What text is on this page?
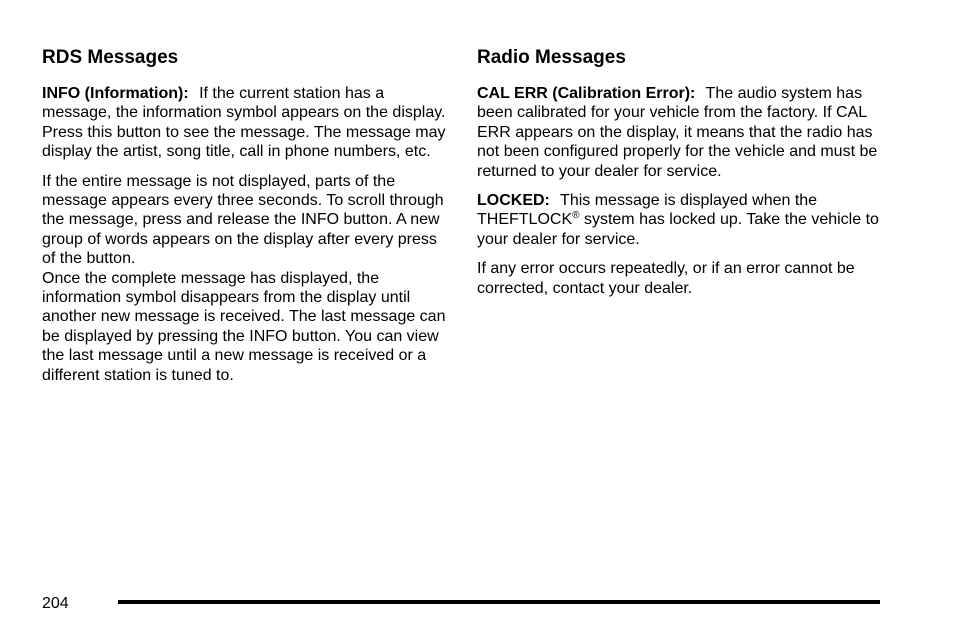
RDS Messages

INFO (Information): If the current station has a message, the information symbol appears on the display. Press this button to see the message. The message may display the artist, song title, call in phone numbers, etc.

If the entire message is not displayed, parts of the message appears every three seconds. To scroll through the message, press and release the INFO button. A new group of words appears on the display after every press of the button.

Once the complete message has displayed, the information symbol disappears from the display until another new message is received. The last message can be displayed by pressing the INFO button. You can view the last message until a new message is received or a different station is tuned to.

Radio Messages

CAL ERR (Calibration Error): The audio system has been calibrated for your vehicle from the factory. If CAL ERR appears on the display, it means that the radio has not been configured properly for the vehicle and must be returned to your dealer for service.

LOCKED: This message is displayed when the THEFTLOCK® system has locked up. Take the vehicle to your dealer for service.

If any error occurs repeatedly, or if an error cannot be corrected, contact your dealer.

204
